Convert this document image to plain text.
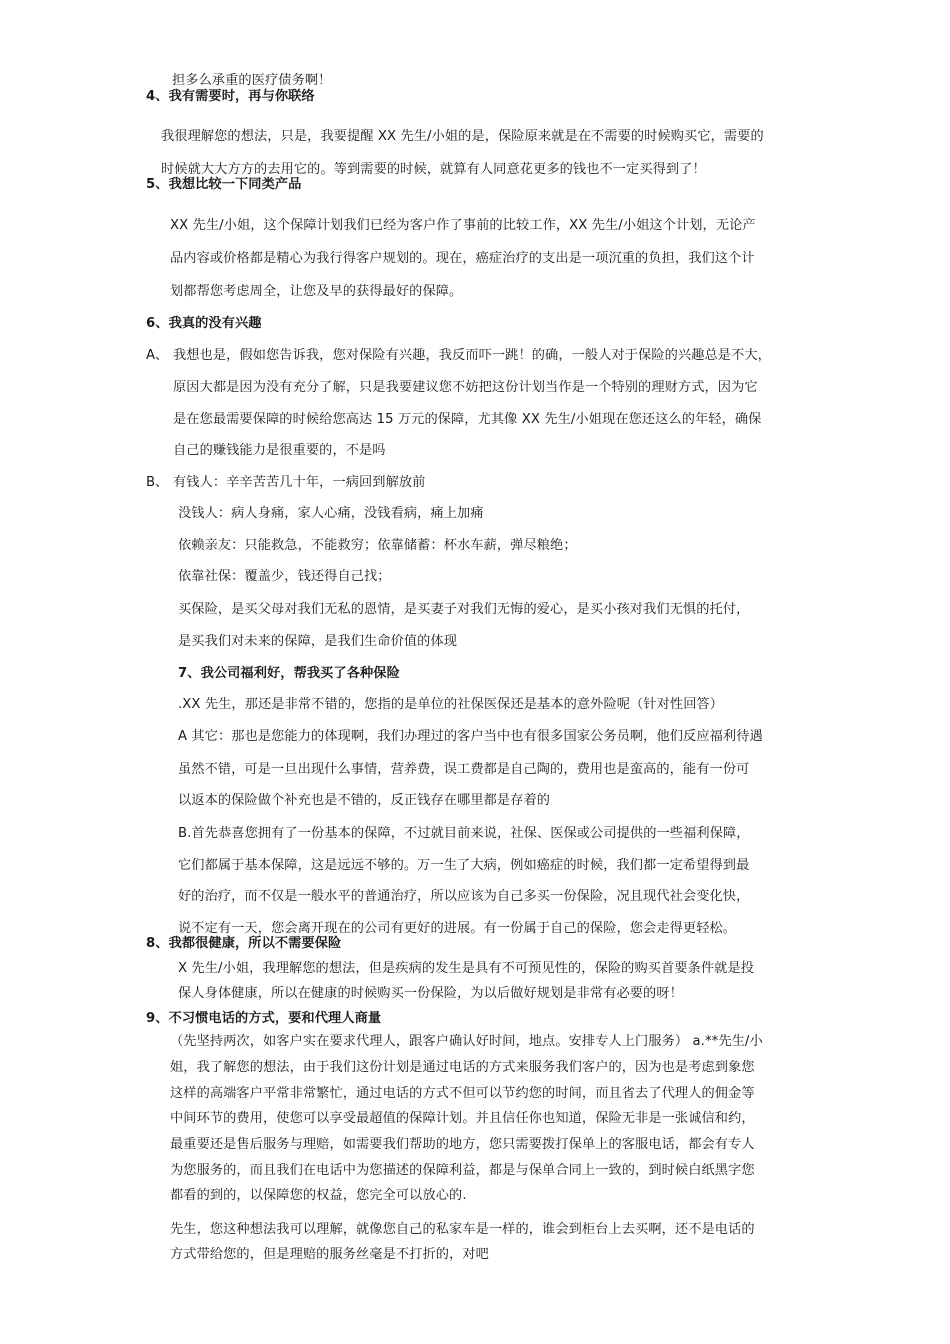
担多么承重的医疗债务啊！
4、我有需要时，再与你联络
我很理解您的想法，只是，我要提醒 XX 先生/小姐的是，保险原来就是在不需要的时候购买它，需要的
时候就大大方方的去用它的。等到需要的时候，就算有人同意花更多的钱也不一定买得到了！
5、我想比较一下同类产品
XX 先生/小姐，这个保障计划我们已经为客户作了事前的比较工作，XX 先生/小姐这个计划，无论产
品内容或价格都是精心为我行得客户规划的。现在，癌症治疗的支出是一项沉重的负担，我们这个计
划都帮您考虑周全，让您及早的获得最好的保障。
6、我真的没有兴趣
A、 我想也是，假如您告诉我，您对保险有兴趣，我反而吓一跳！的确，一般人对于保险的兴趣总是不大，
原因大都是因为没有充分了解，只是我要建议您不妨把这份计划当作是一个特别的理财方式，因为它
是在您最需要保障的时候给您高达 15 万元的保障，尤其像 XX 先生/小姐现在您还这么的年轻，确保
自己的赚钱能力是很重要的，不是吗
B、 有钱人：辛辛苦苦几十年，一病回到解放前
没钱人：病人身痛，家人心痛，没钱看病，痛上加痛
依赖亲友：只能救急，不能救穷；依靠储蓄：杯水车薪，弹尽粮绝；
依靠社保：覆盖少，钱还得自己找；
买保险，是买父母对我们无私的恩情，是买妻子对我们无悔的爱心，是买小孩对我们无惧的托付，
是买我们对未来的保障，是我们生命价值的体现
7、我公司福利好，帮我买了各种保险
.XX 先生，那还是非常不错的，您指的是单位的社保医保还是基本的意外险呢（针对性回答）
A 其它：那也是您能力的体现啊，我们办理过的客户当中也有很多国家公务员啊，他们反应福利待遇
虽然不错，可是一旦出现什么事情，营养费，误工费都是自己陶的，费用也是蛮高的，能有一份可
以返本的保险做个补充也是不错的，反正钱存在哪里都是存着的
B.首先恭喜您拥有了一份基本的保障，不过就目前来说，社保、医保或公司提供的一些福利保障，
它们都属于基本保障，这是远远不够的。万一生了大病，例如癌症的时候，我们都一定希望得到最
好的治疗，而不仅是一般水平的普通治疗，所以应该为自己多买一份保险，况且现代社会变化快，
说不定有一天，您会离开现在的公司有更好的进展。有一份属于自己的保险，您会走得更轻松。
8、我都很健康，所以不需要保险
X 先生/小姐，我理解您的想法，但是疾病的发生是具有不可预见性的，保险的购买首要条件就是投
保人身体健康，所以在健康的时候购买一份保险，为以后做好规划是非常有必要的呀！
9、不习惯电话的方式，要和代理人商量
（先坚持两次，如客户实在要求代理人，跟客户确认好时间，地点。安排专人上门服务） a.**先生/小
姐，我了解您的想法，由于我们这份计划是通过电话的方式来服务我们客户的，因为也是考虑到象您
这样的高端客户平常非常繁忙，通过电话的方式不但可以节约您的时间，而且省去了代理人的佣金等
中间环节的费用，使您可以享受最超值的保障计划。并且信任你也知道，保险无非是一张诚信和约，
最重要还是售后服务与理赔，如需要我们帮助的地方，您只需要拨打保单上的客服电话，都会有专人
为您服务的，而且我们在电话中为您描述的保障利益，都是与保单合同上一致的，到时候白纸黑字您
都看的到的，以保障您的权益，您完全可以放心的.
先生，您这种想法我可以理解，就像您自己的私家车是一样的，谁会到柜台上去买啊，还不是电话的
方式带给您的，但是理赔的服务丝毫是不打折的，对吧
